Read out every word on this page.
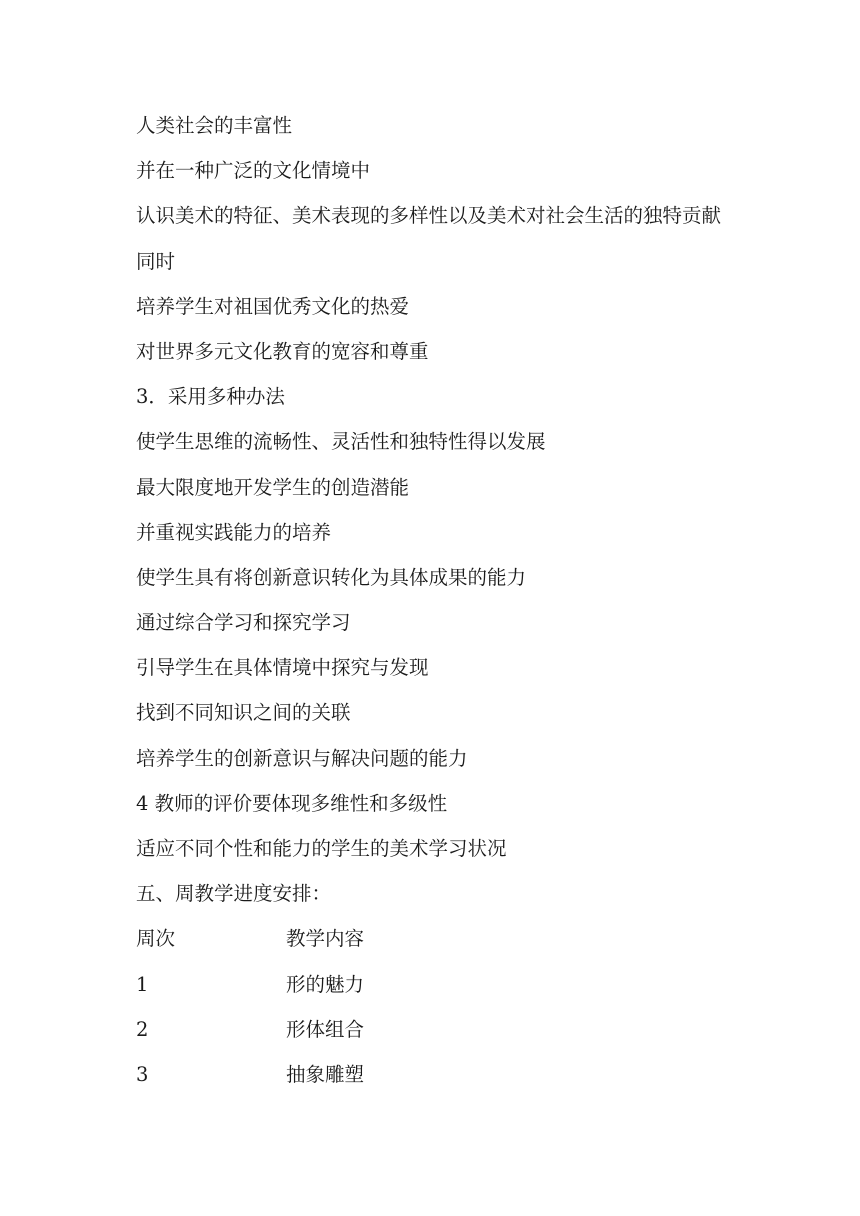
人类社会的丰富性
并在一种广泛的文化情境中
认识美术的特征、美术表现的多样性以及美术对社会生活的独特贡献
同时
培养学生对祖国优秀文化的热爱
对世界多元文化教育的宽容和尊重
3．采用多种办法
使学生思维的流畅性、灵活性和独特性得以发展
最大限度地开发学生的创造潜能
并重视实践能力的培养
使学生具有将创新意识转化为具体成果的能力
通过综合学习和探究学习
引导学生在具体情境中探究与发现
找到不同知识之间的关联
培养学生的创新意识与解决问题的能力
4 教师的评价要体现多维性和多级性
适应不同个性和能力的学生的美术学习状况
五、周教学进度安排：
周次	教学内容
1	形的魅力
2	形体组合
3	抽象雕塑
